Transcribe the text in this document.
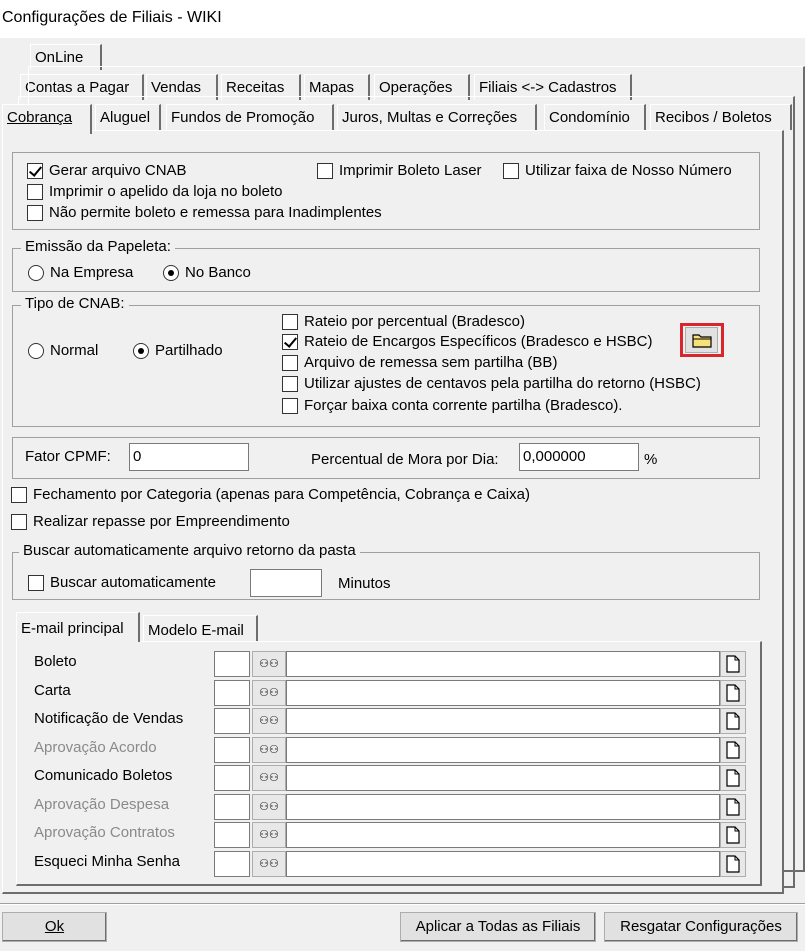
Configurações de Filiais - WIKI
OnLine
Contas a Pagar	Vendas	Receitas	Mapas	Operações	Filiais <-> Cadastros
Cobrança	Aluguel	Fundos de Promoção	Juros, Multas e Correções	Condomínio	Recibos / Boletos
Gerar arquivo CNAB	Imprimir Boleto Laser	Utilizar faixa de Nosso Número
Imprimir o apelido da loja no boleto
Não permite boleto e remessa para Inadimplentes
Emissão da Papeleta:
Na Empresa	No Banco
Tipo de CNAB:
Normal	Partilhado
Rateio por percentual (Bradesco)
Rateio de Encargos Específicos (Bradesco e HSBC)
Arquivo de remessa sem partilha (BB)
Utilizar ajustes de centavos pela partilha do retorno (HSBC)
Forçar baixa conta corrente partilha (Bradesco).
Fator CPMF: 0	Percentual de Mora por Dia: 0,000000	%
Fechamento por Categoria (apenas para Competência, Cobrança e Caixa)
Realizar repasse por Empreendimento
Buscar automaticamente arquivo retorno da pasta
Buscar automaticamente	Minutos
E-mail principal	Modelo E-mail
Boleto	⚇⚇
Carta	⚇⚇
Notificação de Vendas	⚇⚇
Aprovação Acordo	⚇⚇
Comunicado Boletos	⚇⚇
Aprovação Despesa	⚇⚇
Aprovação Contratos	⚇⚇
Esqueci Minha Senha	⚇⚇
Ok	Aplicar a Todas as Filiais	Resgatar Configurações
